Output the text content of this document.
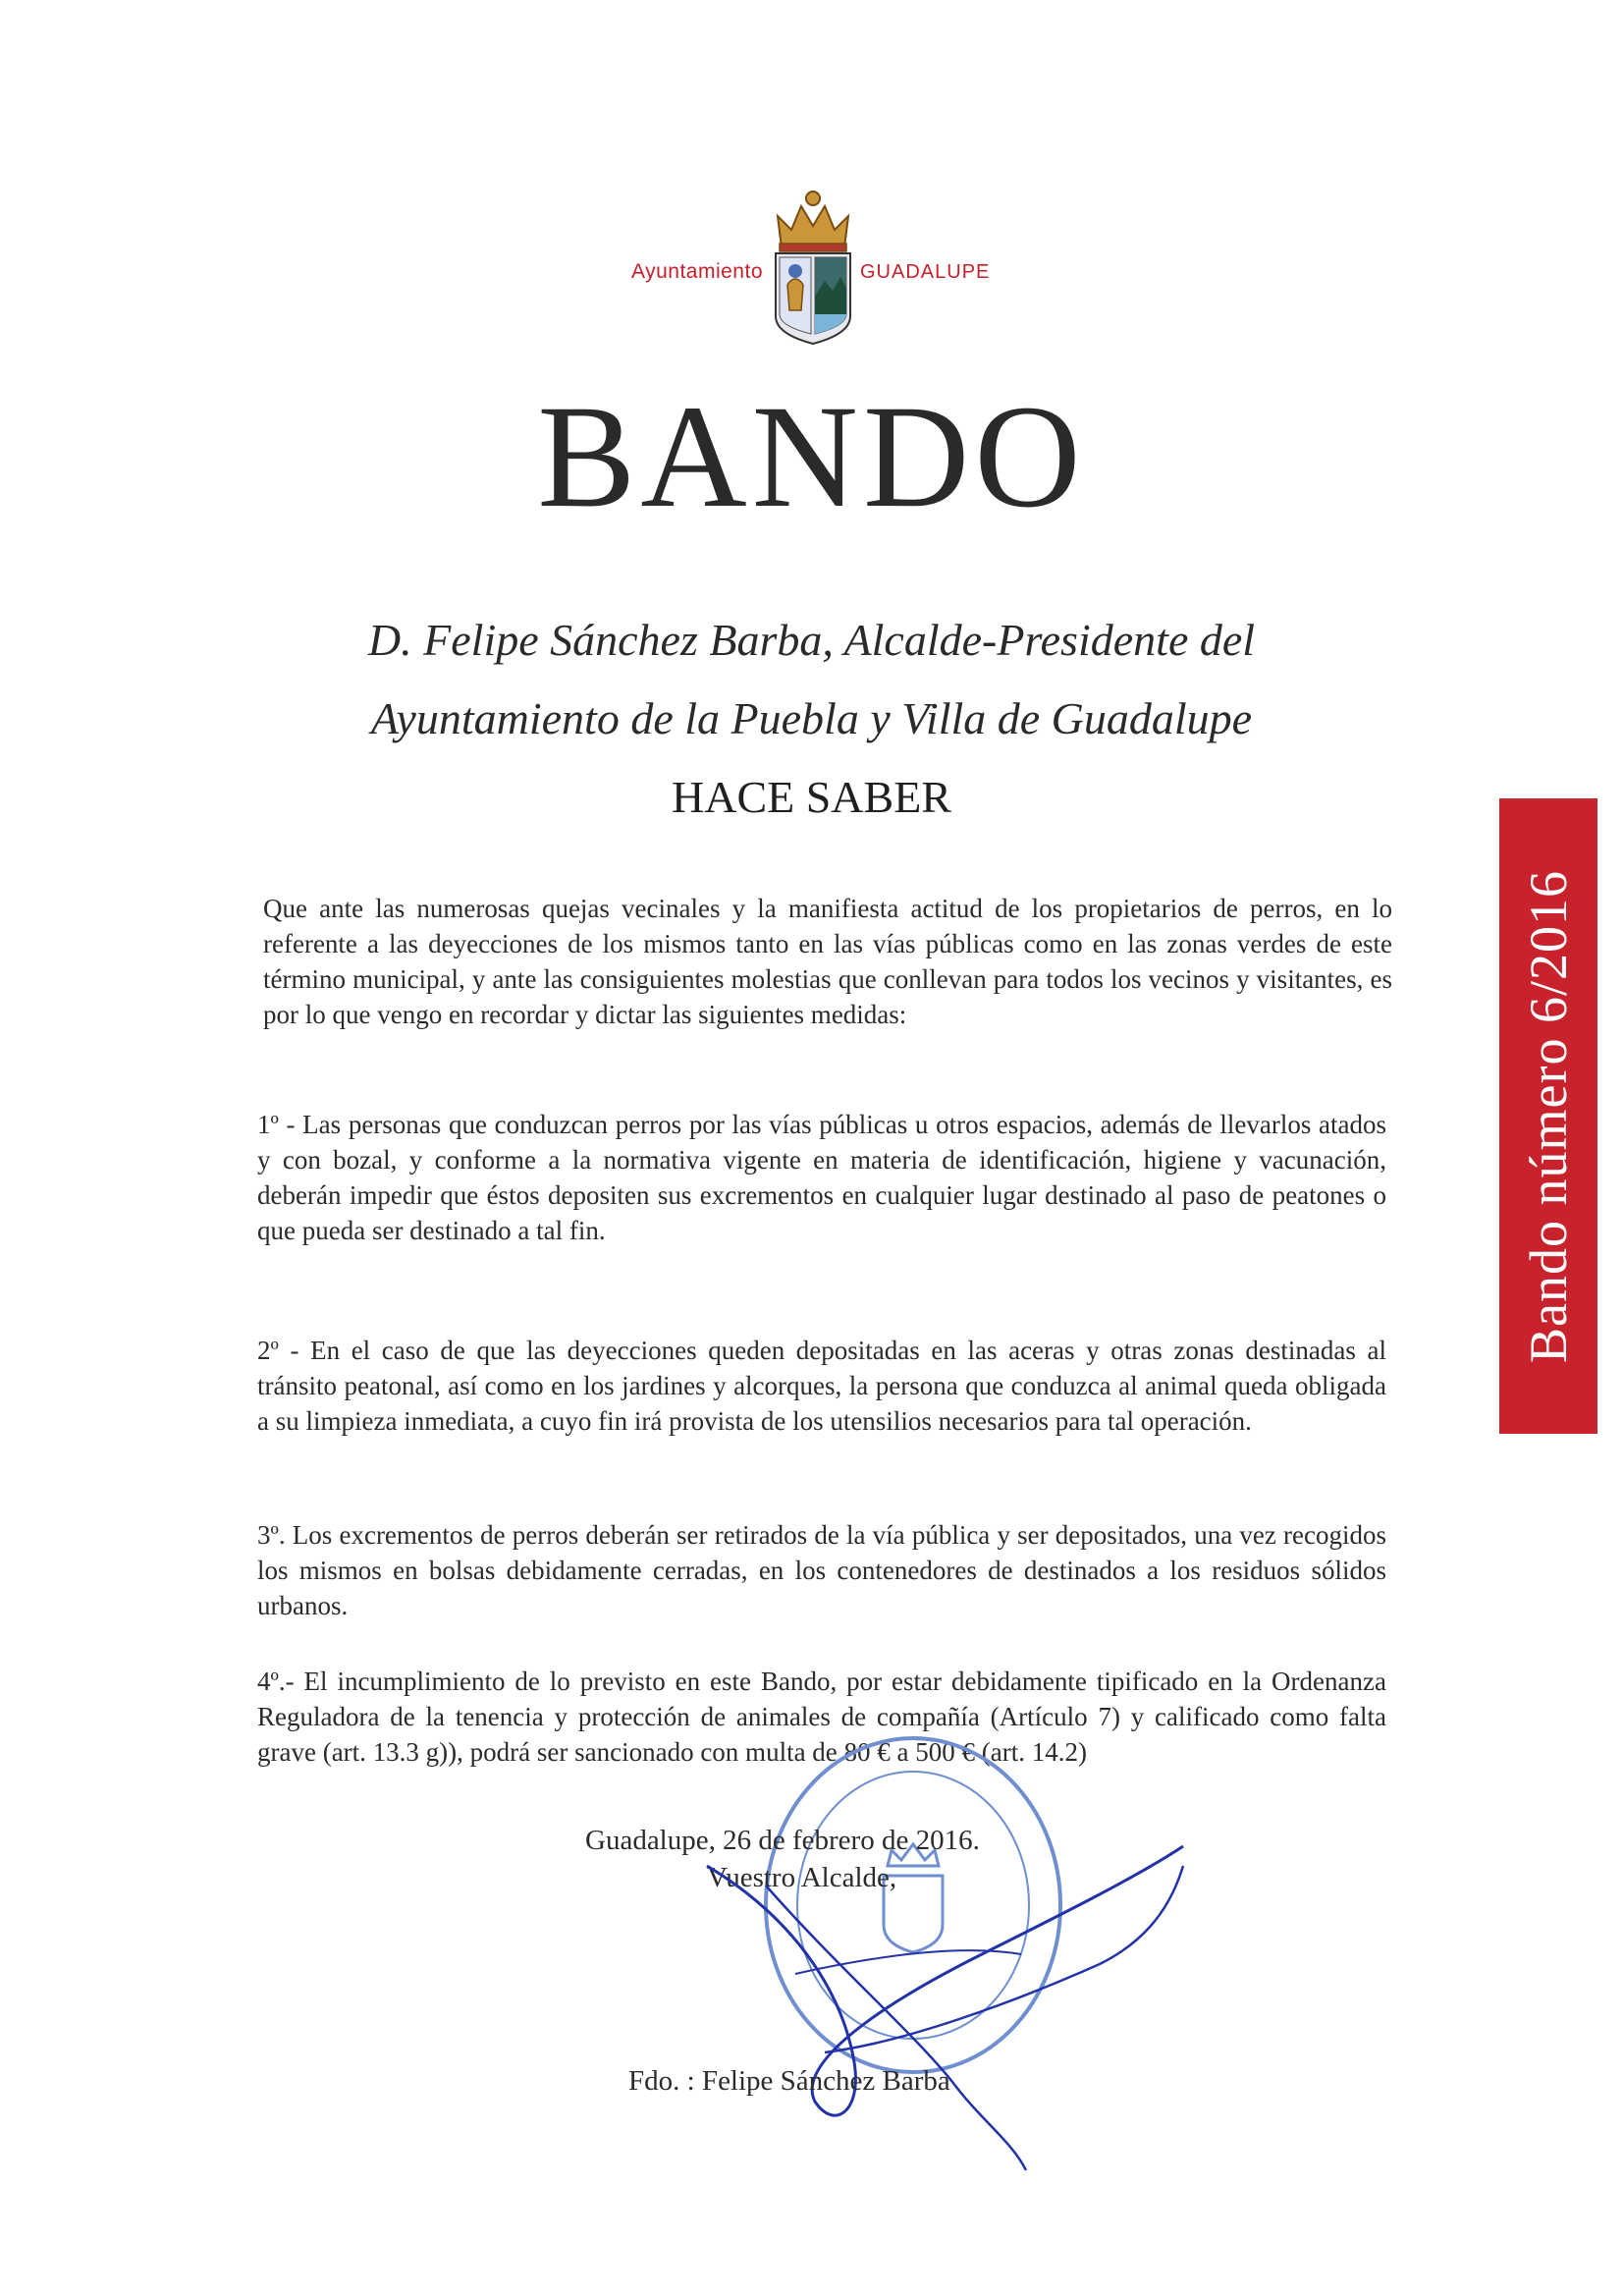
Ayuntamiento	GUADALUPE
BANDO
D. Felipe Sánchez Barba, Alcalde-Presidente del
Ayuntamiento de la Puebla y Villa de Guadalupe
HACE SABER

Que ante las numerosas quejas vecinales y la manifiesta actitud de los propietarios de perros, en lo referente a las deyecciones de los mismos tanto en las vías públicas como en las zonas verdes de este término municipal, y ante las consiguientes molestias que conllevan para todos los vecinos y visitantes, es por lo que vengo en recordar y dictar las siguientes medidas:

1º - Las personas que conduzcan perros por las vías públicas u otros espacios, además de llevarlos atados y con bozal, y conforme a la normativa vigente en materia de identificación, higiene y vacunación, deberán impedir que éstos depositen sus excrementos en cualquier lugar destinado al paso de peatones o que pueda ser destinado a tal fin.

2º - En el caso de que las deyecciones queden depositadas en las aceras y otras zonas destinadas al tránsito peatonal, así como en los jardines y alcorques, la persona que conduzca al animal queda obligada a su limpieza inmediata, a cuyo fin irá provista de los utensilios necesarios para tal operación.

3º. Los excrementos de perros deberán ser retirados de la vía pública y ser depositados, una vez recogidos los mismos en bolsas debidamente cerradas, en los contenedores de destinados a los residuos sólidos urbanos.

4º.- El incumplimiento de lo previsto en este Bando, por estar debidamente tipificado en la Ordenanza Reguladora de la tenencia y protección de animales de compañía (Artículo 7) y calificado como falta grave (art. 13.3 g)), podrá ser sancionado con multa de 80 € a 500 € (art. 14.2)

Guadalupe, 26 de febrero de 2016.
Vuestro Alcalde,
Fdo. : Felipe Sánchez Barba
Bando número 6/2016
